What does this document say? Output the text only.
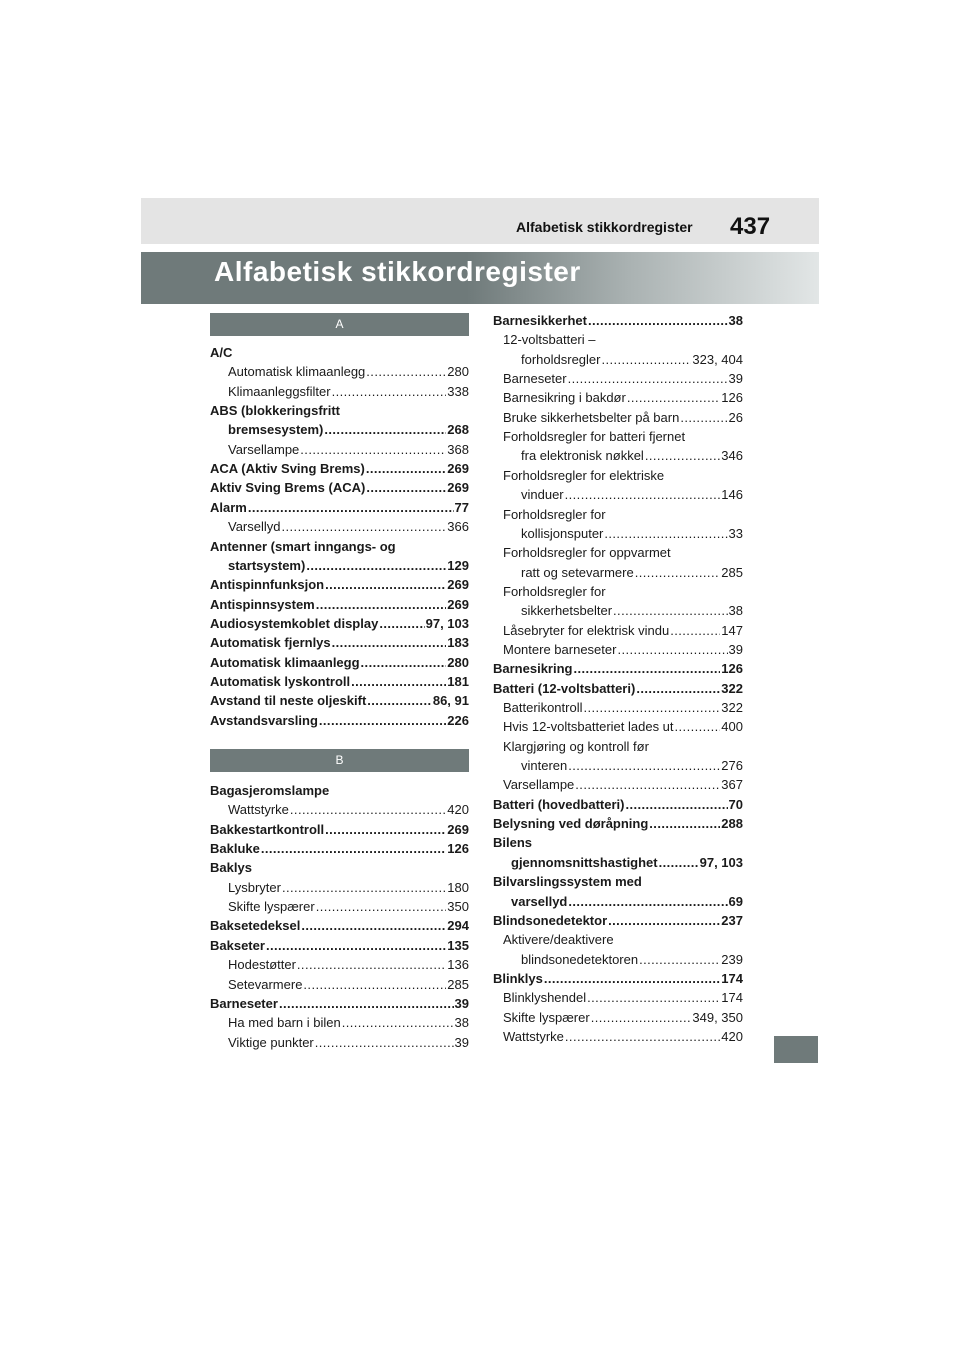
Alfabetisk stikkordregister 437
Alfabetisk stikkordregister
A
A/C
Automatisk klimaanlegg .....	280
Klimaanleggsfilter .....	338
ABS (blokkeringsfritt
bremsesystem) .....	268
Varsellampe .....	368
ACA (Aktiv Sving Brems) .....	269
Aktiv Sving Brems (ACA) .....	269
Alarm .....	77
Varsellyd .....	366
Antenner (smart inngangs- og
startsystem) .....	129
Antispinnfunksjon .....	269
Antispinnsystem .....	269
Audiosystemkoblet display .....	97, 103
Automatisk fjernlys .....	183
Automatisk klimaanlegg .....	280
Automatisk lyskontroll .....	181
Avstand til neste oljeskift .....	86, 91
Avstandsvarsling .....	226
B
Bagasjeromslampe
Wattstyrke .....	420
Bakkestartkontroll .....	269
Bakluke .....	126
Baklys
Lysbryter .....	180
Skifte lyspærer .....	350
Baksetedeksel .....	294
Bakseter .....	135
Hodestøtter .....	136
Setevarmere .....	285
Barneseter .....	39
Ha med barn i bilen .....	38
Viktige punkter .....	39
Barnesikkerhet .....	38
12-voltsbatteri –
forholdsregler .....	323, 404
Barneseter .....	39
Barnesikring i bakdør .....	126
Bruke sikkerhetsbelter på barn .....	26
Forholdsregler for batteri fjernet
fra elektronisk nøkkel .....	346
Forholdsregler for elektriske
vinduer .....	146
Forholdsregler for
kollisjonsputer .....	33
Forholdsregler for oppvarmet
ratt og setevarmere .....	285
Forholdsregler for
sikkerhetsbelter .....	38
Låsebryter for elektrisk vindu .....	147
Montere barneseter .....	39
Barnesikring .....	126
Batteri (12-voltsbatteri) .....	322
Batterikontroll .....	322
Hvis 12-voltsbatteriet lades ut .....	400
Klargjøring og kontroll før
vinteren .....	276
Varsellampe .....	367
Batteri (hovedbatteri) .....	70
Belysning ved døråpning .....	288
Bilens
gjennomsnittshastighet .....	97, 103
Bilvarslingssystem med
varsellyd .....	69
Blindsonedetektor .....	237
Aktivere/deaktivere
blindsonedetektoren .....	239
Blinklys .....	174
Blinklyshendel .....	174
Skifte lyspærer .....	349, 350
Wattstyrke .....	420
